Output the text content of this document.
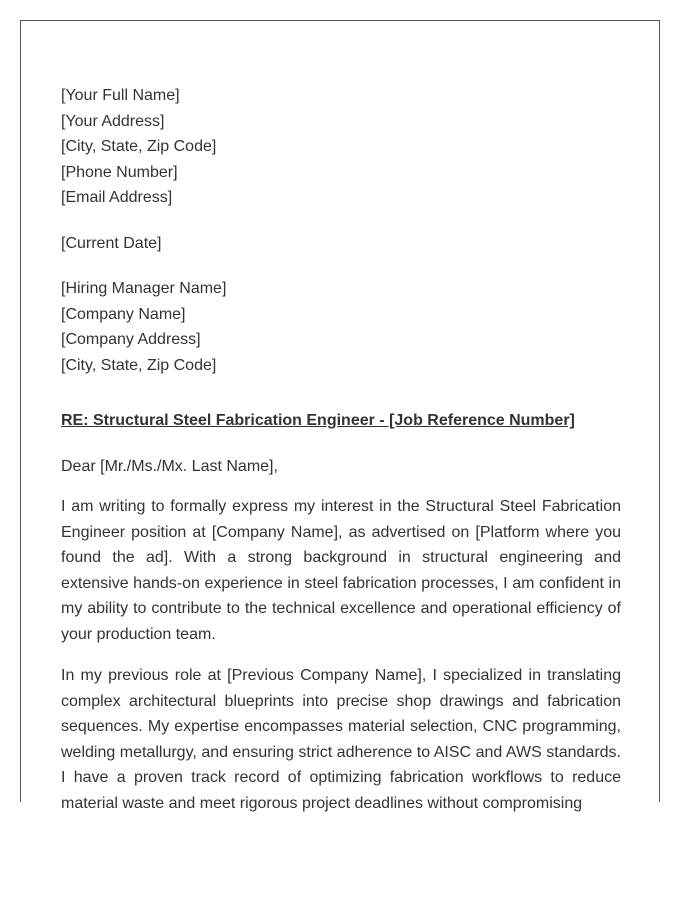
[Your Full Name]
[Your Address]
[City, State, Zip Code]
[Phone Number]
[Email Address]
[Current Date]
[Hiring Manager Name]
[Company Name]
[Company Address]
[City, State, Zip Code]
RE: Structural Steel Fabrication Engineer - [Job Reference Number]
Dear [Mr./Ms./Mx. Last Name],

I am writing to formally express my interest in the Structural Steel Fabrication Engineer position at [Company Name], as advertised on [Platform where you found the ad]. With a strong background in structural engineering and extensive hands-on experience in steel fabrication processes, I am confident in my ability to contribute to the technical excellence and operational efficiency of your production team.

In my previous role at [Previous Company Name], I specialized in translating complex architectural blueprints into precise shop drawings and fabrication sequences. My expertise encompasses material selection, CNC programming, welding metallurgy, and ensuring strict adherence to AISC and AWS standards. I have a proven track record of optimizing fabrication workflows to reduce material waste and meet rigorous project deadlines without compromising
